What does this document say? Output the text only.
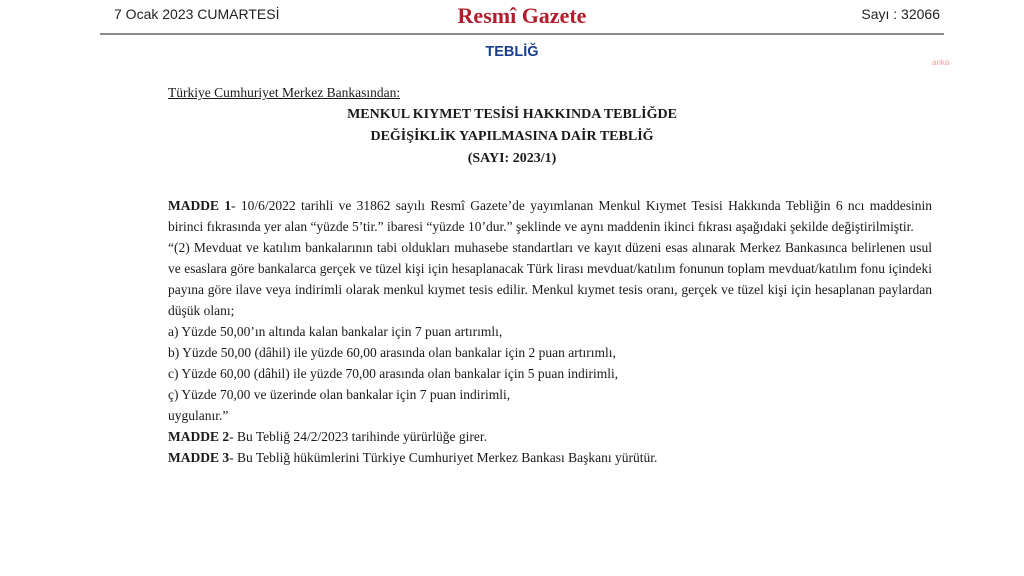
7 Ocak 2023 CUMARTESİ	Resmî Gazete	Sayı : 32066
TEBLİĞ
anka
Türkiye Cumhuriyet Merkez Bankasından:
MENKUL KIYMET TESİSİ HAKKINDA TEBLİĞDE
DEĞİŞİKLİK YAPILMASINA DAİR TEBLİĞ
(SAYI: 2023/1)

MADDE 1- 10/6/2022 tarihli ve 31862 sayılı Resmî Gazete’de yayımlanan Menkul Kıymet Tesisi Hakkında Tebliğin 6 ncı maddesinin birinci fıkrasında yer alan “yüzde 5’tir.” ibaresi “yüzde 10’dur.” şeklinde ve aynı maddenin ikinci fıkrası aşağıdaki şekilde değiştirilmiştir.

“(2) Mevduat ve katılım bankalarının tabi oldukları muhasebe standartları ve kayıt düzeni esas alınarak Merkez Bankasınca belirlenen usul ve esaslara göre bankalarca gerçek ve tüzel kişi için hesaplanacak Türk lirası mevduat/katılım fonunun toplam mevduat/katılım fonu içindeki payına göre ilave veya indirimli olarak menkul kıymet tesis edilir. Menkul kıymet tesis oranı, gerçek ve tüzel kişi için hesaplanan paylardan düşük olanı;

a) Yüzde 50,00’ın altında kalan bankalar için 7 puan artırımlı,

b) Yüzde 50,00 (dâhil) ile yüzde 60,00 arasında olan bankalar için 2 puan artırımlı,

c) Yüzde 60,00 (dâhil) ile yüzde 70,00 arasında olan bankalar için 5 puan indirimli,

ç) Yüzde 70,00 ve üzerinde olan bankalar için 7 puan indirimli,

uygulanır.”

MADDE 2- Bu Tebliğ 24/2/2023 tarihinde yürürlüğe girer.

MADDE 3- Bu Tebliğ hükümlerini Türkiye Cumhuriyet Merkez Bankası Başkanı yürütür.
